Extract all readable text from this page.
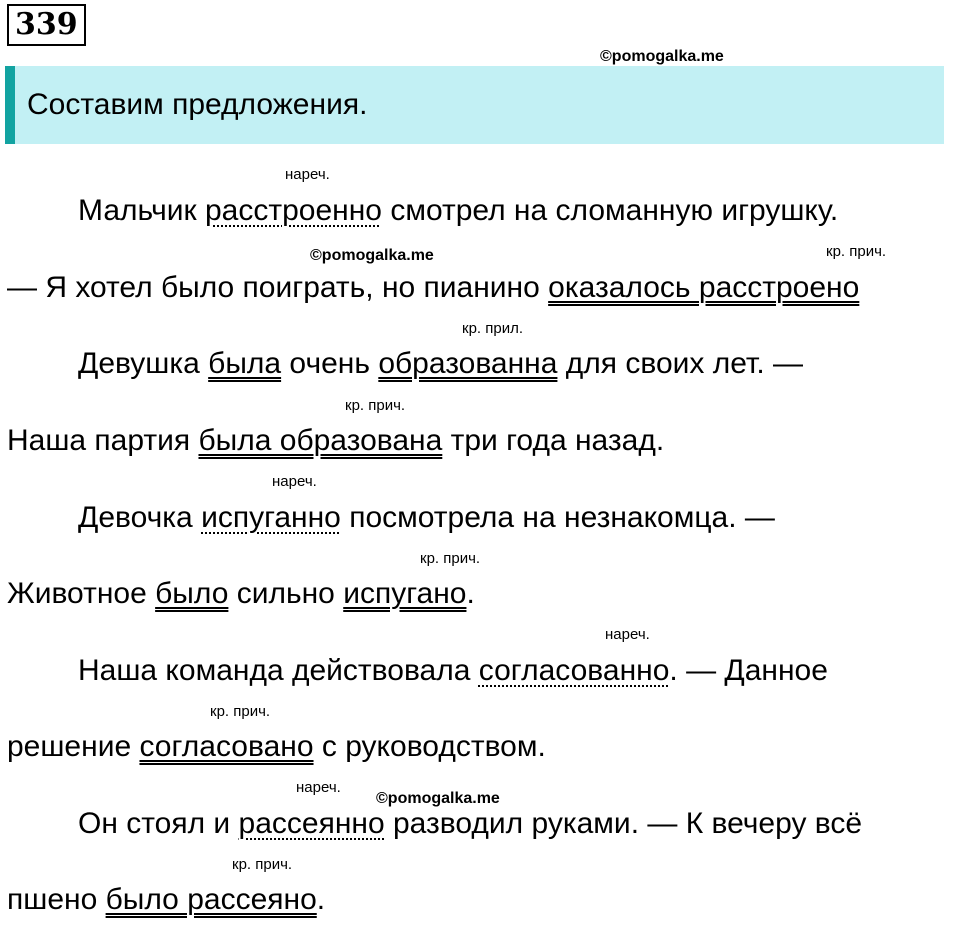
339
©pomogalka.me
Составим предложения.
нареч.
кр. прич.
кр. прил.
кр. прич.
нареч.
кр. прич.
нареч.
кр. прич.
нареч.
кр. прич.
©pomogalka.me
©pomogalka.me
Мальчик расстроенно смотрел на сломанную игрушку.
— Я хотел было поиграть, но пианино оказалось расстроено
Девушка была очень образованна для своих лет. —
Наша партия была образована три года назад.
Девочка испуганно посмотрела на незнакомца. —
Животное было сильно испугано.
Наша команда действовала согласованно. — Данное
решение согласовано с руководством.
Он стоял и рассеянно разводил руками. — К вечеру всё
пшено было рассеяно.
